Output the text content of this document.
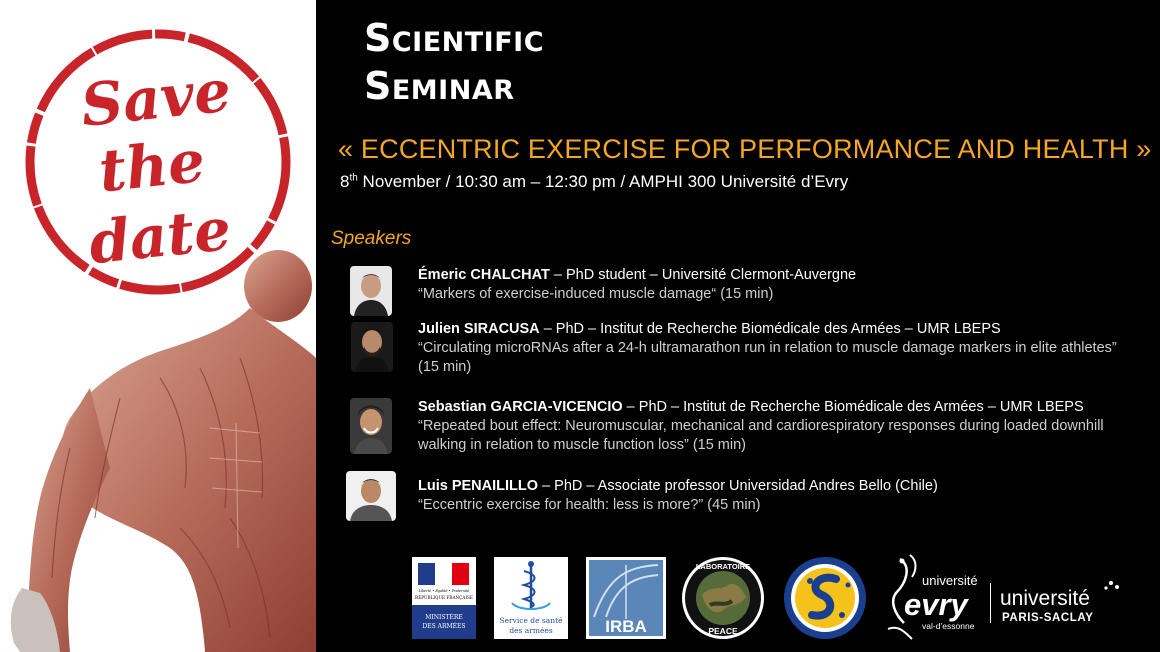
Save
the
date
Scientific
Seminar
« ECCENTRIC EXERCISE FOR PERFORMANCE AND HEALTH »
8th November / 10:30 am – 12:30 pm / AMPHI 300 Université d’Evry
Speakers
Émeric CHALCHAT – PhD student – Université Clermont-Auvergne
“Markers of exercise-induced muscle damage“ (15 min)
Julien SIRACUSA – PhD – Institut de Recherche Biomédicale des Armées – UMR LBEPS
“Circulating microRNAs after a 24-h ultramarathon run in relation to muscle damage markers in elite athletes” (15 min)
Sebastian GARCIA-VICENCIO – PhD – Institut de Recherche Biomédicale des Armées – UMR LBEPS
“Repeated bout effect: Neuromuscular, mechanical and cardiorespiratory responses during loaded downhill walking in relation to muscle function loss” (15 min)
Luis PENAILILLO – PhD – Associate professor Universidad Andres Bello (Chile)
“Eccentric exercise for health: less is more?” (45 min)
Liberté • Égalité • Fraternité
RÉPUBLIQUE FRANÇAISE
MINISTÈRE
DES ARMÉES
Service de santé
des armées	IRBA
LABORATOIRE
PEACE
université
evry
val-d’essonne
université
PARIS-SACLAY
